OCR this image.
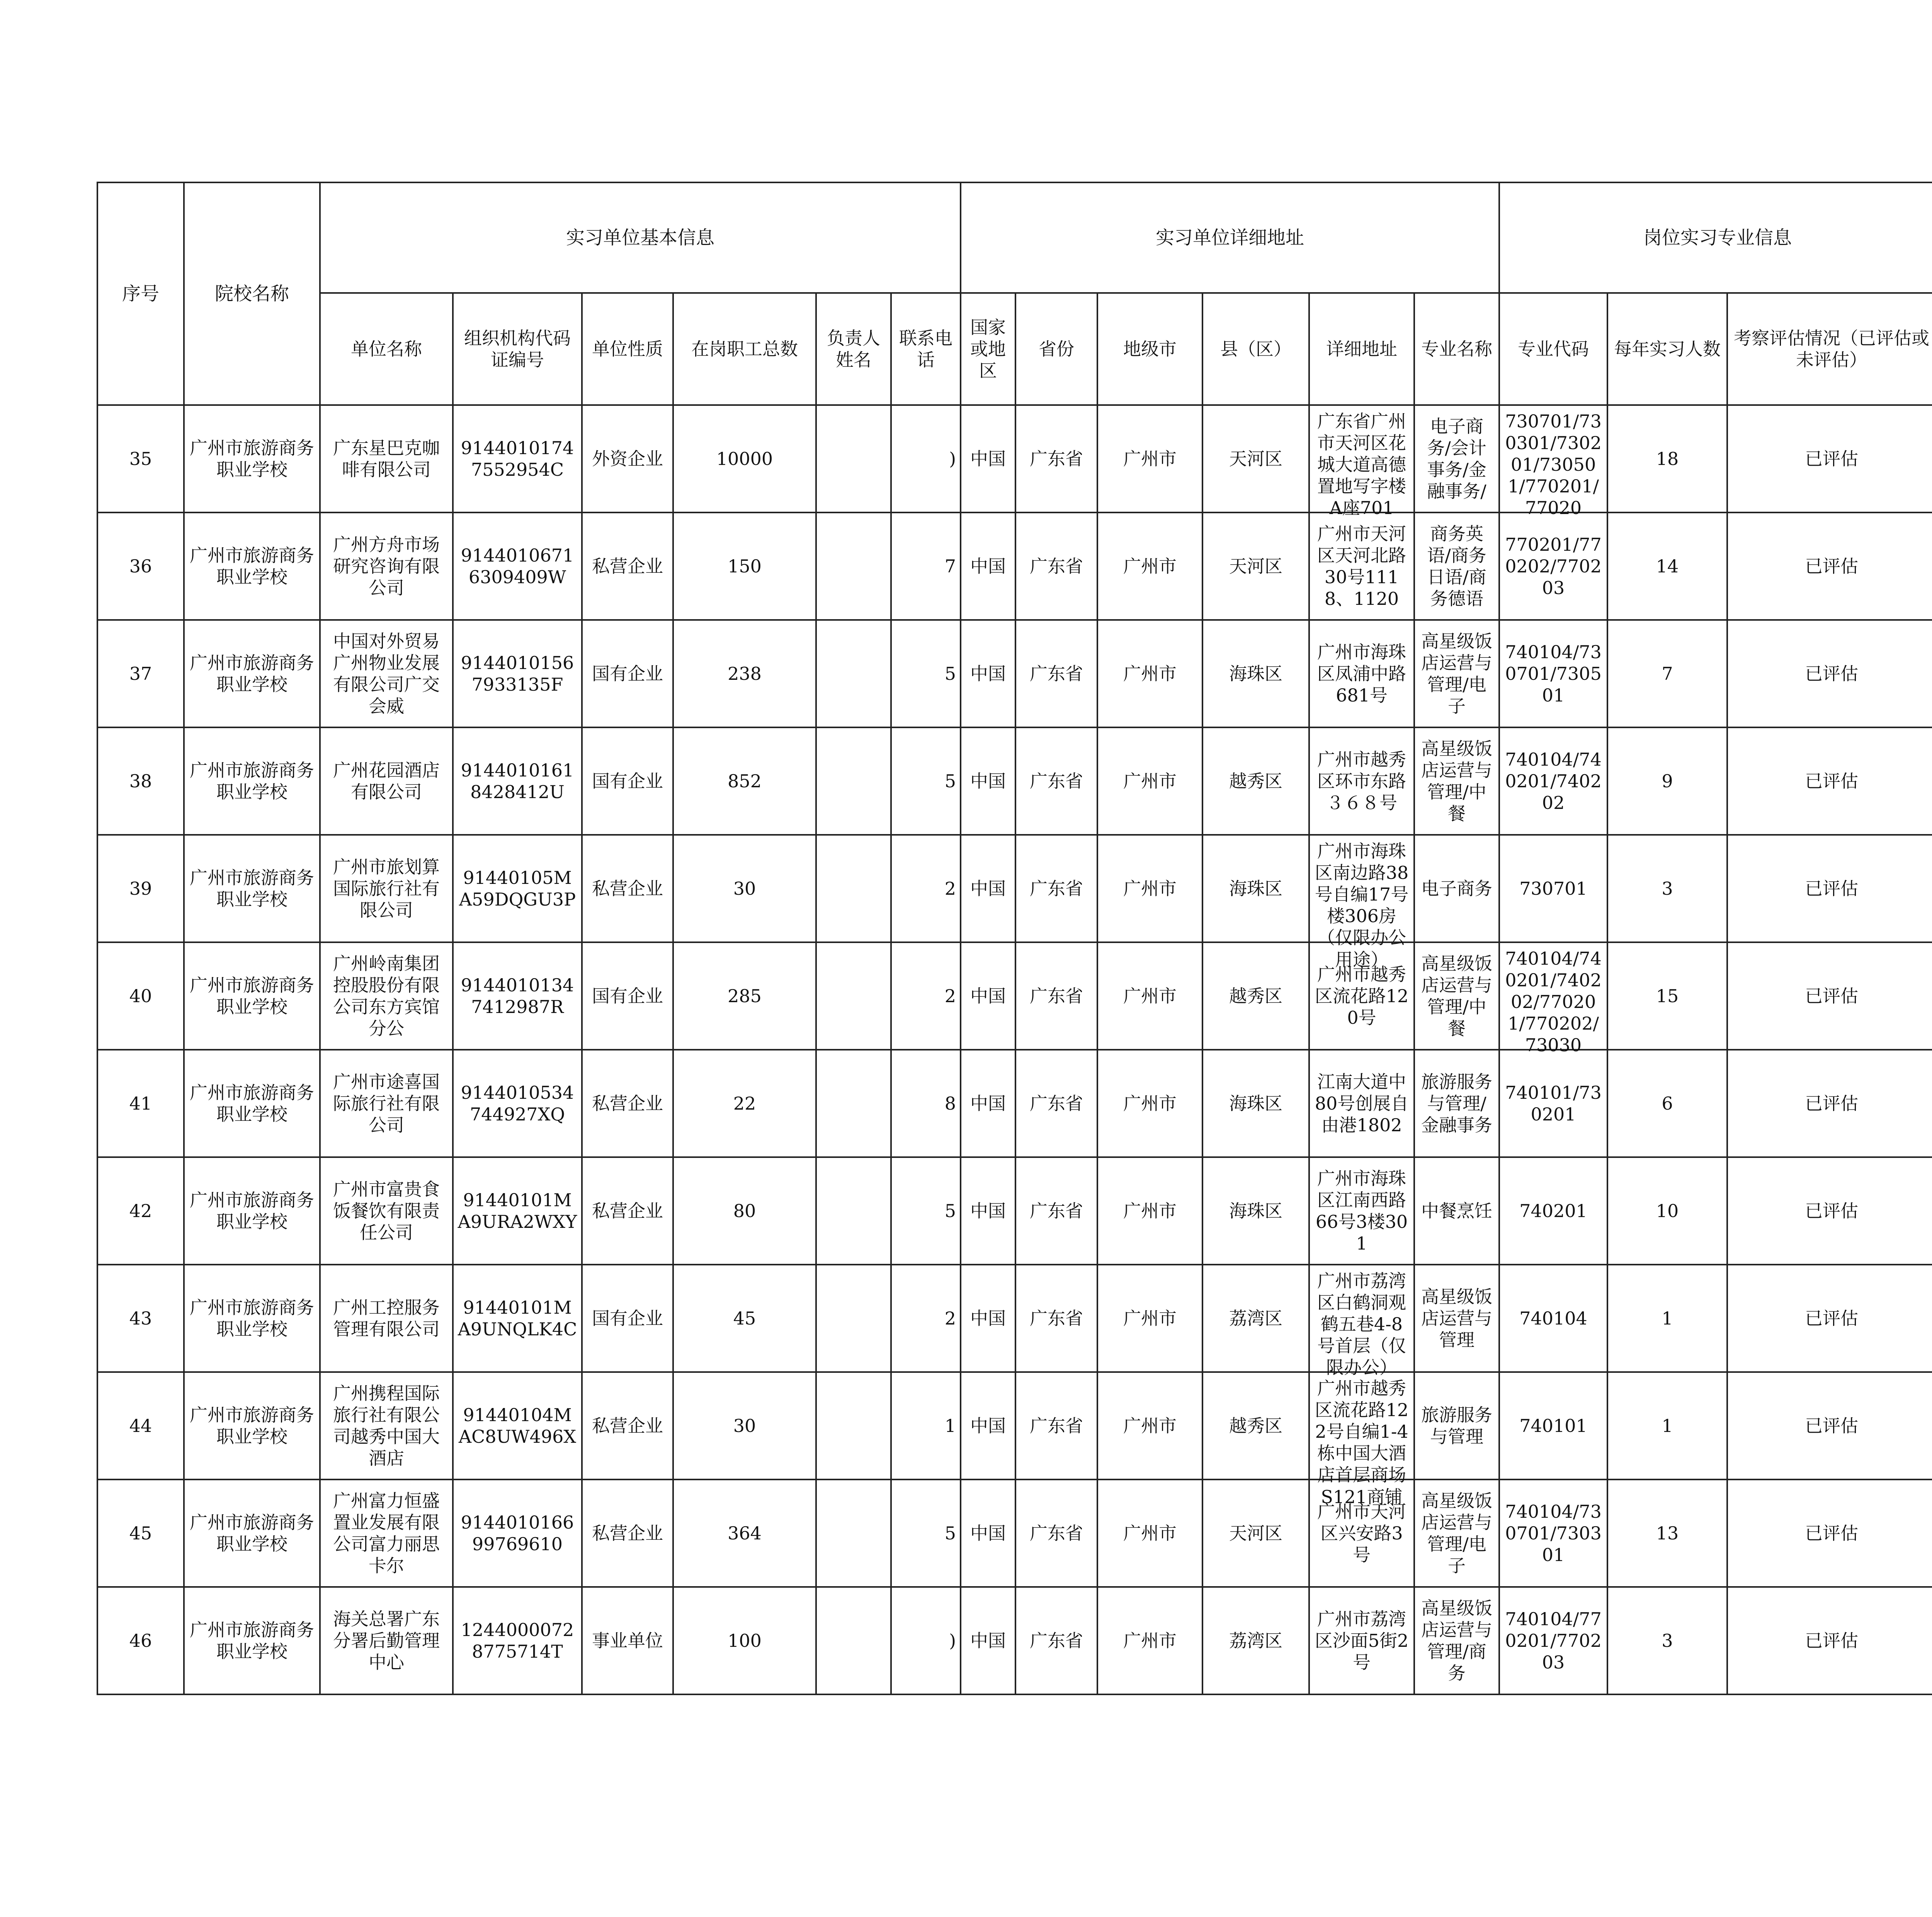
序号	院校名称	实习单位基本信息						实习单位详细地址						岗位实习专业信息	
		单位名称	组织机构代码证编号	单位性质	在岗职工总数	负责人姓名	联系电话	国家或地区	省份	地级市	县（区）	详细地址	专业名称	专业代码	每年实习人数	考察评估情况（已评估或未评估）		

35	广州市旅游商务职业学校	广东星巴克咖啡有限公司	91440101747552954C	外资企业	10000		)	中国	广东省	广州市	天河区	广东省广州市天河区花城大道高德置地写字楼A座701	电子商务/会计事务/金融事务/	730701/730301/730201/730501/770201/77020	18	已评估

36	广州市旅游商务职业学校	广州方舟市场研究咨询有限公司	91440106716309409W	私营企业	150		7	中国	广东省	广州市	天河区	广州市天河区天河北路30号1118、1120	商务英语/商务日语/商务德语	770201/770202/770203	14	已评估

37	广州市旅游商务职业学校	中国对外贸易广州物业发展有限公司广交会威	91440101567933135F	国有企业	238		5	中国	广东省	广州市	海珠区	广州市海珠区凤浦中路681号	高星级饭店运营与管理/电子	740104/730701/730501	7	已评估

38	广州市旅游商务职业学校	广州花园酒店有限公司	91440101618428412U	国有企业	852		5	中国	广东省	广州市	越秀区	广州市越秀区环市东路３６８号	高星级饭店运营与管理/中餐	740104/740201/740202	9	已评估

39	广州市旅游商务职业学校	广州市旅划算国际旅行社有限公司	91440105MA59DQGU3P	私营企业	30		2	中国	广东省	广州市	海珠区	广州市海珠区南边路38号自编17号楼306房（仅限办公用途）	电子商务	730701	3	已评估

40	广州市旅游商务职业学校	广州岭南集团控股股份有限公司东方宾馆分公	91440101347412987R	国有企业	285		2	中国	广东省	广州市	越秀区	广州市越秀区流花路120号	高星级饭店运营与管理/中餐	740104/740201/740202/770201/770202/73030	15	已评估

41	广州市旅游商务职业学校	广州市途喜国际旅行社有限公司	9144010534744927XQ	私营企业	22		8	中国	广东省	广州市	海珠区	江南大道中80号创展自由港1802	旅游服务与管理/金融事务	740101/730201	6	已评估

42	广州市旅游商务职业学校	广州市富贵食饭餐饮有限责任公司	91440101MA9URA2WXY	私营企业	80		5	中国	广东省	广州市	海珠区	广州市海珠区江南西路66号3楼301	中餐烹饪	740201	10	已评估

43	广州市旅游商务职业学校	广州工控服务管理有限公司	91440101MA9UNQLK4C	国有企业	45		2	中国	广东省	广州市	荔湾区	广州市荔湾区白鹤洞观鹤五巷4-8号首层（仅限办公）	高星级饭店运营与管理	740104	1	已评估

44	广州市旅游商务职业学校	广州携程国际旅行社有限公司越秀中国大酒店	91440104MAC8UW496X	私营企业	30		1	中国	广东省	广州市	越秀区	广州市越秀区流花路122号自编1-4栋中国大酒店首层商场S121商铺	旅游服务与管理	740101	1	已评估

45	广州市旅游商务职业学校	广州富力恒盛置业发展有限公司富力丽思卡尔	914401016699769610	私营企业	364		5	中国	广东省	广州市	天河区	广州市天河区兴安路3号	高星级饭店运营与管理/电子	740104/730701/730301	13	已评估

46	广州市旅游商务职业学校	海关总署广东分署后勤管理中心	12440000728775714T	事业单位	100		)	中国	广东省	广州市	荔湾区	广州市荔湾区沙面5街2号	高星级饭店运营与管理/商务	740104/770201/770203	3	已评估
